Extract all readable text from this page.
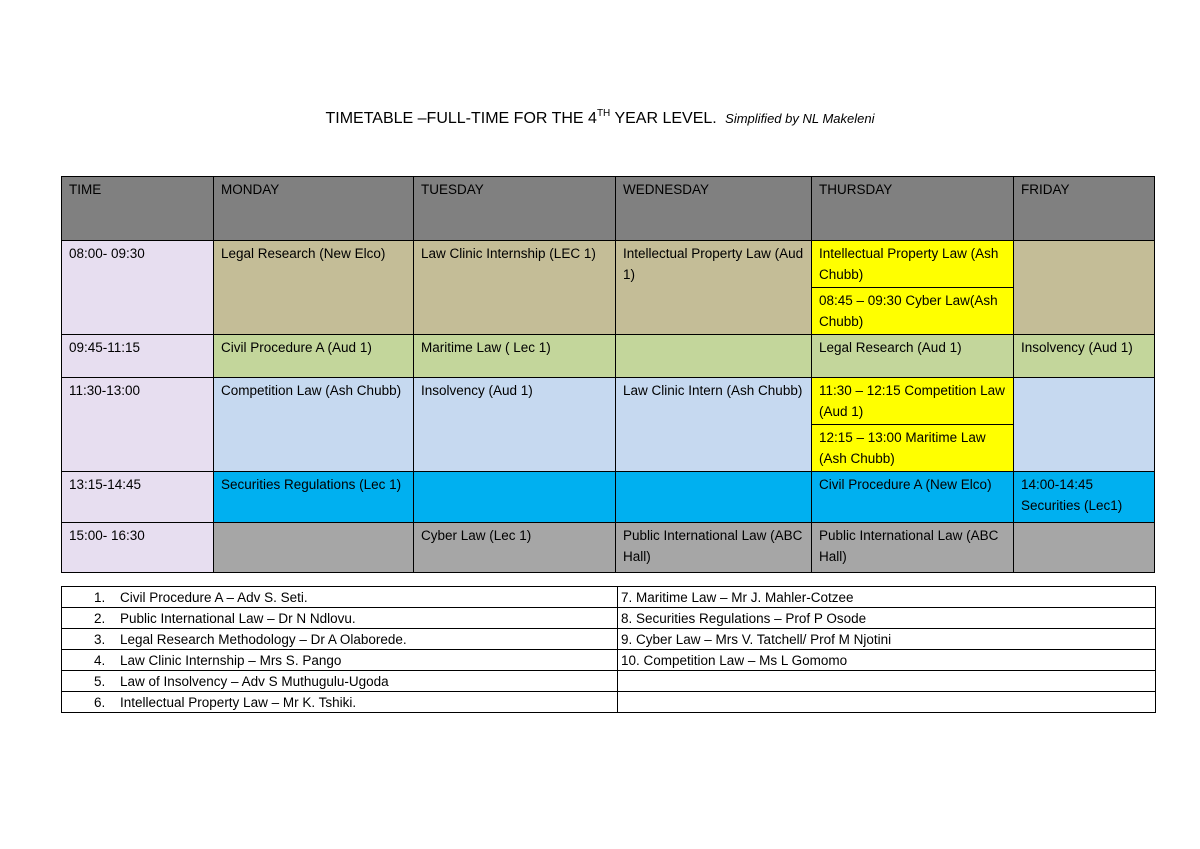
TIMETABLE –FULL-TIME FOR THE 4TH YEAR LEVEL. Simplified by NL Makeleni
TIME	MONDAY	TUESDAY	WEDNESDAY	THURSDAY	FRIDAY
08:00- 09:30	Legal Research (New Elco)	Law Clinic Internship (LEC 1)	Intellectual Property Law (Aud 1)	Intellectual Property Law (Ash Chubb)	
				08:45 – 09:30 Cyber Law(Ash Chubb)	
09:45-11:15	Civil Procedure A (Aud 1)	Maritime Law ( Lec 1)		Legal Research (Aud 1)	Insolvency (Aud 1)
11:30-13:00	Competition Law (Ash Chubb)	Insolvency (Aud 1)	Law Clinic Intern (Ash Chubb)	11:30 – 12:15 Competition Law (Aud 1)	
				12:15 – 13:00 Maritime Law (Ash Chubb)	
13:15-14:45	Securities Regulations (Lec 1)			Civil Procedure A (New Elco)	14:00-14:45 Securities (Lec1)
15:00- 16:30		Cyber Law (Lec 1)	Public International Law (ABC Hall)	Public International Law (ABC Hall)	
1. Civil Procedure A – Adv S. Seti.	7. Maritime Law – Mr J. Mahler-Cotzee
2. Public International Law – Dr N Ndlovu.	8. Securities Regulations – Prof P Osode
3. Legal Research Methodology – Dr A Olaborede.	9. Cyber Law – Mrs V. Tatchell/ Prof M Njotini
4. Law Clinic Internship – Mrs S. Pango	10. Competition Law – Ms L Gomomo
5. Law of Insolvency – Adv S Muthugulu-Ugoda	
6. Intellectual Property Law – Mr K. Tshiki.	
